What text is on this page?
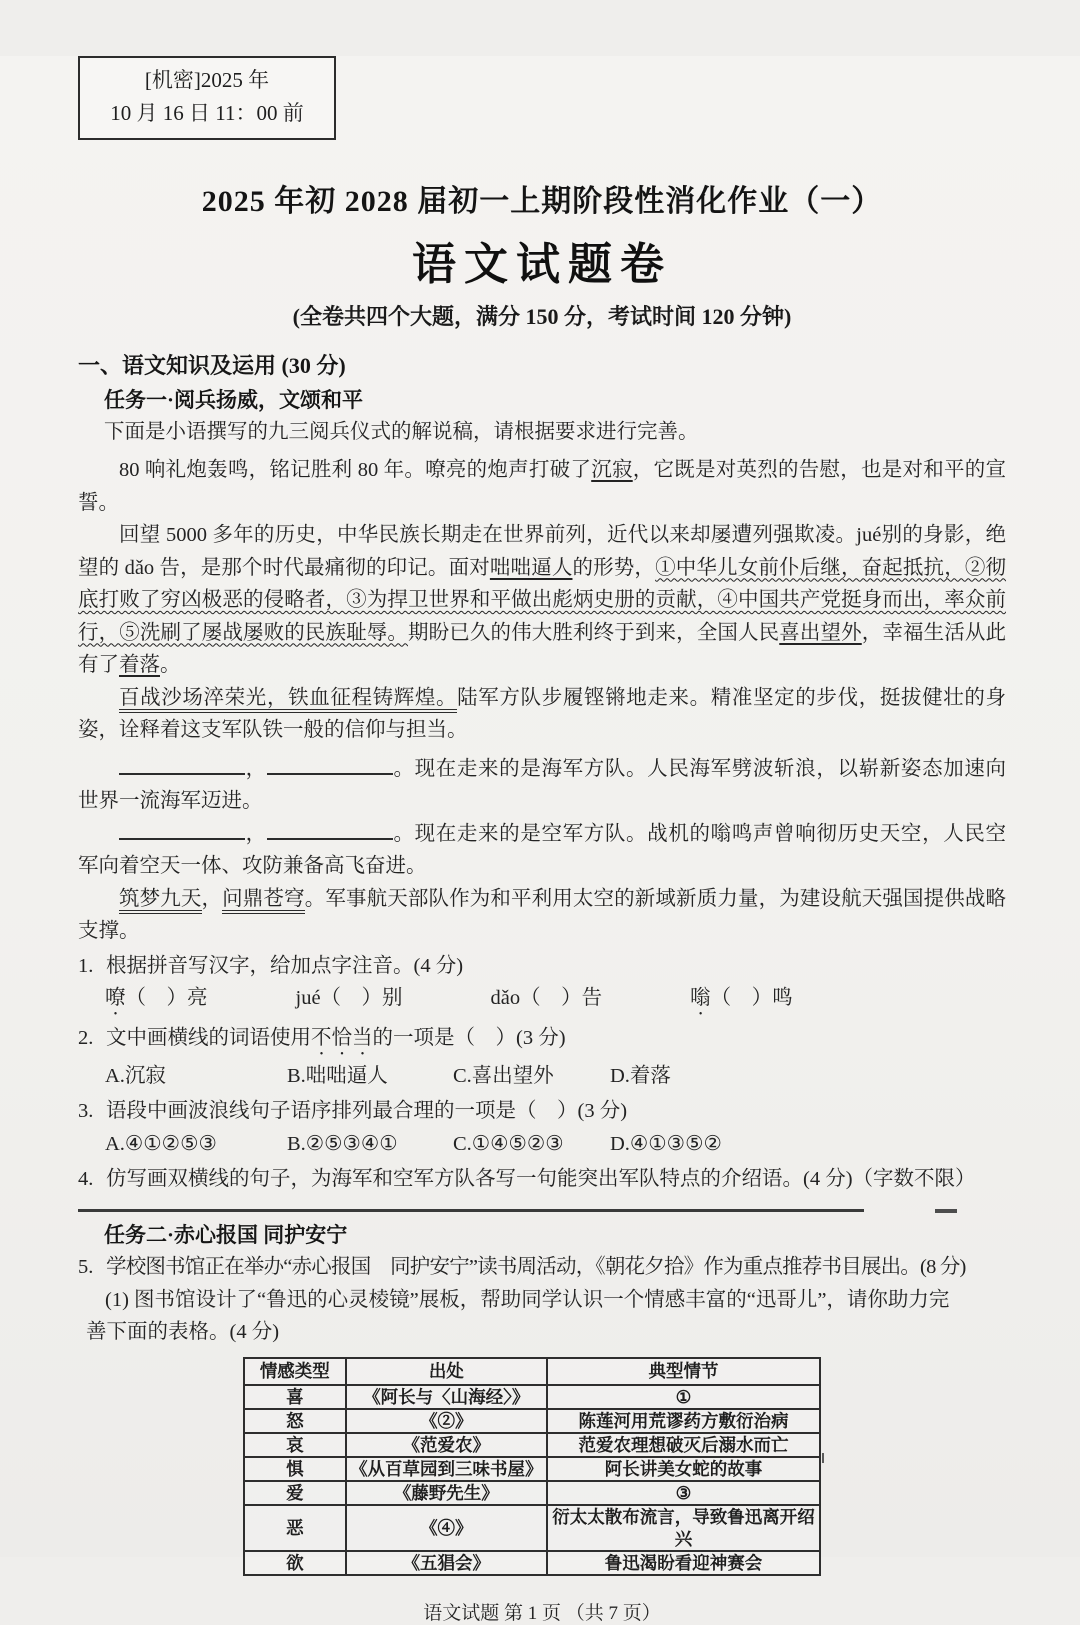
[机密]2025 年
10 月 16 日 11：00 前
2025 年初 2028 届初一上期阶段性消化作业（一）
语文试题卷
(全卷共四个大题，满分 150 分，考试时间 120 分钟)
一、语文知识及运用 (30 分)
任务一·阅兵扬威，文颂和平
下面是小语撰写的九三阅兵仪式的解说稿，请根据要求进行完善。

80 响礼炮轰鸣，铭记胜利 80 年。嘹亮的炮声打破了沉寂，它既是对英烈的告慰，也是对和平的宣誓。

回望 5000 多年的历史，中华民族长期走在世界前列，近代以来却屡遭列强欺凌。jué别的身影，绝望的 dǎo 告，是那个时代最痛彻的印记。面对咄咄逼人的形势，①中华儿女前仆后继，奋起抵抗，②彻底打败了穷凶极恶的侵略者，③为捍卫世界和平做出彪炳史册的贡献，④中国共产党挺身而出，率众前行，⑤洗刷了屡战屡败的民族耻辱。期盼已久的伟大胜利终于到来，全国人民喜出望外，幸福生活从此有了着落。

百战沙场淬荣光，铁血征程铸辉煌。陆军方队步履铿锵地走来。精准坚定的步伐，挺拔健壮的身姿，诠释着这支军队铁一般的信仰与担当。

，	。现在走来的是海军方队。人民海军劈波斩浪，以崭新姿态加速向世界一流海军迈进。

，	。现在走来的是空军方队。战机的嗡鸣声曾响彻历史天空，人民空军向着空天一体、攻防兼备高飞奋进。

筑梦九天，问鼎苍穹。军事航天部队作为和平利用太空的新域新质力量，为建设航天强国提供战略支撑。

1. 根据拼音写汉字，给加点字注音。(4 分)
嘹（　）亮	jué（　）别	dǎo（　）告	嗡（　）鸣
2. 文中画横线的词语使用不恰当的一项是（　）(3 分)
A.沉寂	B.咄咄逼人	C.喜出望外	D.着落
3. 语段中画波浪线句子语序排列最合理的一项是（　）(3 分)
A.④①②⑤③	B.②⑤③④①	C.①④⑤②③	D.④①③⑤②
4. 仿写画双横线的句子，为海军和空军方队各写一句能突出军队特点的介绍语。(4 分)（字数不限）
任务二·赤心报国 同护安宁
5. 学校图书馆正在举办“赤心报国　同护安宁”读书周活动，《朝花夕拾》作为重点推荐书目展出。(8 分)
(1) 图书馆设计了“鲁迅的心灵棱镜”展板，帮助同学认识一个情感丰富的“迅哥儿”，请你助力完
善下面的表格。(4 分)
情感类型	出处	典型情节
喜	《阿长与〈山海经〉》	①
怒	《②》	陈莲河用荒谬药方敷衍治病
哀	《范爱农》	范爱农理想破灭后溺水而亡
惧	《从百草园到三味书屋》	阿长讲美女蛇的故事
爱	《藤野先生》	③
恶	《④》	衍太太散布流言，导致鲁迅离开绍兴
欲	《五猖会》	鲁迅渴盼看迎神赛会
语文试题 第 1 页 （共 7 页）
